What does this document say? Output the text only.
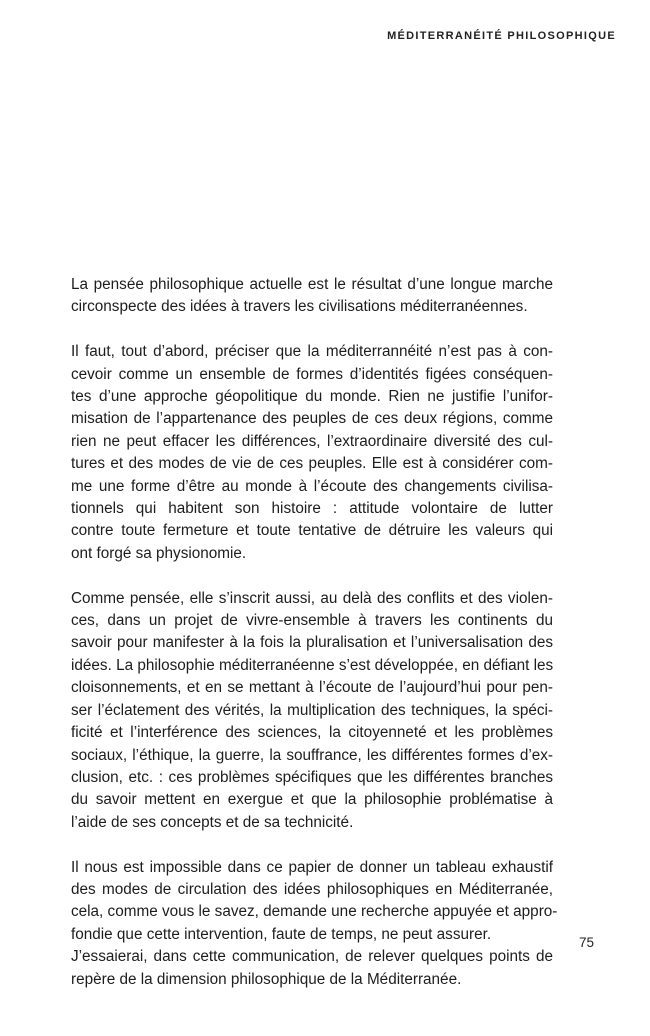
MÉDITERRANÉITÉ PHILOSOPHIQUE
La pensée philosophique actuelle est le résultat d’une longue marche
circonspecte des idées à travers les civilisations méditerranéennes.
Il faut, tout d’abord, préciser que la méditerrannéité n’est pas à con-
cevoir comme un ensemble de formes d’identités figées conséquen-
tes d’une approche géopolitique du monde. Rien ne justifie l’unifor-
misation de l’appartenance des peuples de ces deux régions, comme
rien ne peut effacer les différences, l’extraordinaire diversité des cul-
tures et des modes de vie de ces peuples. Elle est à considérer com-
me une forme d’être au monde à l’écoute des changements civilisa-
tionnels qui habitent son histoire : attitude volontaire de lutter
contre toute fermeture et toute tentative de détruire les valeurs qui
ont forgé sa physionomie.
Comme pensée, elle s’inscrit aussi, au delà des conflits et des violen-
ces, dans un projet de vivre-ensemble à travers les continents du
savoir pour manifester à la fois la pluralisation et l’universalisation des
idées. La philosophie méditerranéenne s’est développée, en défiant les
cloisonnements, et en se mettant à l’écoute de l’aujourd’hui pour pen-
ser l’éclatement des vérités, la multiplication des techniques, la spéci-
ficité et l’interférence des sciences, la citoyenneté et les problèmes
sociaux, l’éthique, la guerre, la souffrance, les différentes formes d’ex-
clusion, etc. : ces problèmes spécifiques que les différentes branches
du savoir mettent en exergue et que la philosophie problématise à
l’aide de ses concepts et de sa technicité.
Il nous est impossible dans ce papier de donner un tableau exhaustif
des modes de circulation des idées philosophiques en Méditerranée,
cela, comme vous le savez, demande une recherche appuyée et appro-
fondie que cette intervention, faute de temps, ne peut assurer.
J’essaierai, dans cette communication, de relever quelques points de
repère de la dimension philosophique de la Méditerranée.
75
